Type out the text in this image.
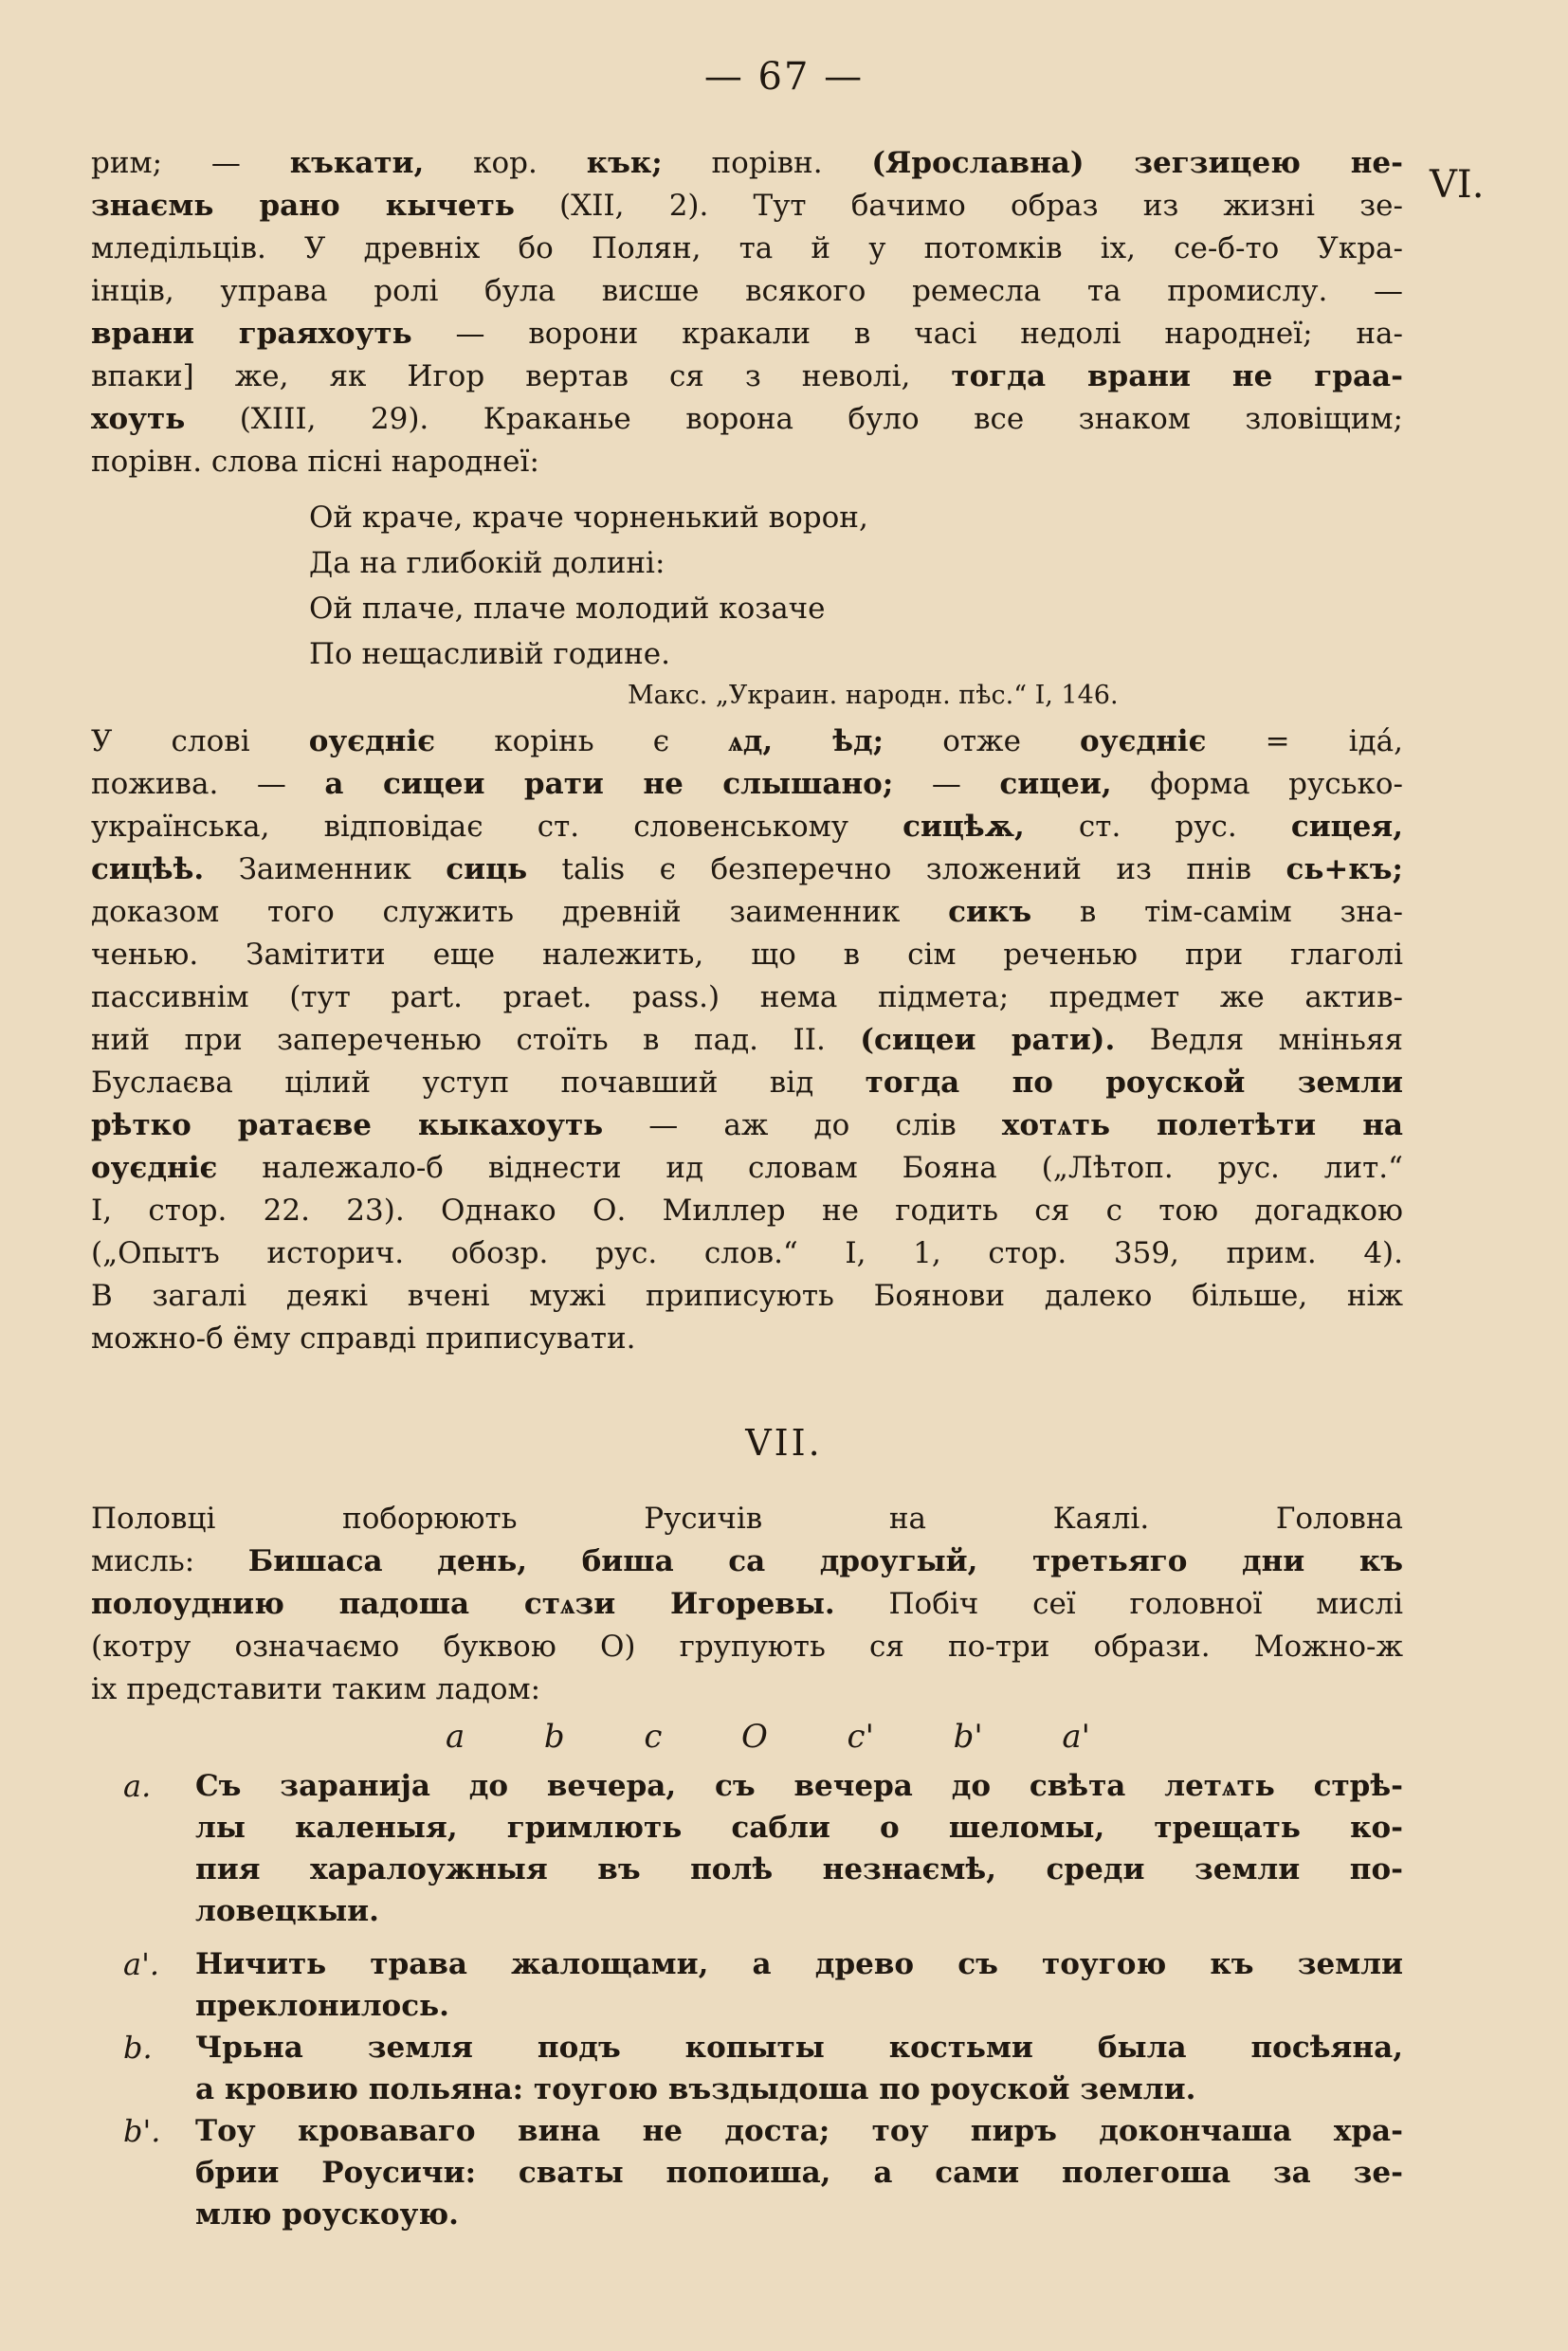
— 67 —
VI.

рим; — къкати, кор. кък; порівн. (Ярославна) зегзицею не-

знаємь рано кычеть (XII, 2). Тут бачимо образ из жизні зе-

мледільців. У древніх бо Полян, та й у потомків іх, се-б-то Укра-

інців, управа ролі була висше всякого ремесла та промислу. —

врани граяхоуть — ворони кракали в часі недолі народнеї; на-

впаки] же, як Игор вертав ся з неволі, тогда врани не граа-

хоуть (XIII, 29). Краканье ворона було все знаком зловіщим;

порівн. слова пісні народнеї:

Ой краче, краче чорненький ворон,
Да на глибокій долині:
Ой плаче, плаче молодий козаче
По нещасливій године.
Макс. „Украин. народн. пѣс.“ I, 146.

У слові оуєдніє корінь є ѧд, ѣд; отже оуєдніє = іда́,

пожива. — а сицеи рати не слышано; — сицеи, форма русько-

українська, відповідає ст. словенському сицѣѫ, ст. рус. сицея,

сицѣѣ. Заименник сиць talis є безперечно зложений из пнів сь+къ;

доказом того служить древній заименник сикъ в тім-самім зна-

ченью. Замітити еще належить, що в сім реченью при глаголі

пассивнім (тут part. praet. pass.) нема підмета; предмет же актив-

ний при запереченью стоїть в пад. II. (сицеи рати). Ведля мніньяя

Буслаєва цілий уступ почавший від тогда по роуской земли

рѣтко ратаєве кыкахоуть — аж до слів хотѧть полетѣти на

оуєдніє належало-б віднести ид словам Бояна („Лѣтоп. рус. лит.“

I, стор. 22. 23). Однако О. Миллер не годить ся с тою догадкою

(„Опытъ историч. обозр. рус. слов.“ I, 1, стор. 359, прим. 4).

В загалі деякі вчені мужі приписують Боянови далеко більше, ніж

можно-б ёму справді приписувати.

VII.

Половці поборюють Русичів на Каялі. Головна

мисль: Бишаса день, биша са дроугый, третьяго дни къ

полоуднию падоша стѧзи Игоревы. Побіч сеї головної мислі

(котру означаємо буквою О) групують ся по-три образи. Можно-ж

іх представити таким ладом:

a b c O c' b' a'
a. Съ заранија до вечера, съ вечера до свѣта летѧть стрѣ-
лы каленыя, гримлють сабли о шеломы, трещать ко-
пия харалоужныя въ полѣ незнаємѣ, среди земли по-
ловецкыи.
a'. Ничить трава жалощами, а древо съ тоугою къ земли
преклонилось.
b. Чрьна земля подъ копыты костьми была посѣяна,
а кровию польяна: тоугою въздыдоша по роуской земли.
b'. Тоу кроваваго вина не доста; тоу пиръ докончаша хра-
брии Роусичи: сваты попоиша, а сами полегоша за зе-
млю роускоую.
